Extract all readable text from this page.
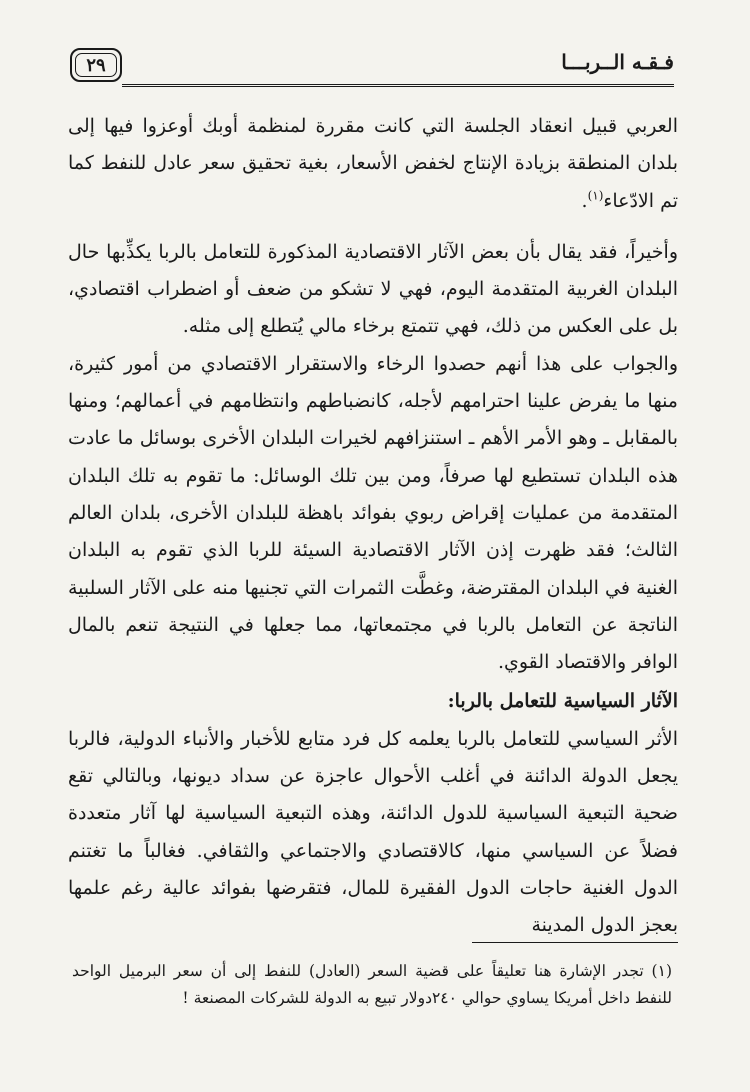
فـقـه الــربـــا
٢٩

العربي قبيل انعقاد الجلسة التي كانت مقررة لمنظمة أوبك أوعزوا فيها إلى بلدان المنطقة بزيادة الإنتاج لخفض الأسعار، بغية تحقيق سعر عادل للنفط كما تم الادّعاء$^{(١)}$.

وأخيراً، فقد يقال بأن بعض الآثار الاقتصادية المذكورة للتعامل بالربا يكذِّبها حال البلدان الغربية المتقدمة اليوم، فهي لا تشكو من ضعف أو اضطراب اقتصادي، بل على العكس من ذلك، فهي تتمتع برخاء مالي يُتطلع إلى مثله.

والجواب على هذا أنهم حصدوا الرخاء والاستقرار الاقتصادي من أمور كثيرة، منها ما يفرض علينا احترامهم لأجله، كانضباطهم وانتظامهم في أعمالهم؛ ومنها بالمقابل ـ وهو الأمر الأهم ـ استنزافهم لخيرات البلدان الأخرى بوسائل ما عادت هذه البلدان تستطيع لها صرفاً، ومن بين تلك الوسائل: ما تقوم به تلك البلدان المتقدمة من عمليات إقراض ربوي بفوائد باهظة للبلدان الأخرى، بلدان العالم الثالث؛ فقد ظهرت إذن الآثار الاقتصادية السيئة للربا الذي تقوم به البلدان الغنية في البلدان المقترضة، وغطَّت الثمرات التي تجنيها منه على الآثار السلبية الناتجة عن التعامل بالربا في مجتمعاتها، مما جعلها في النتيجة تنعم بالمال الوافر والاقتصاد القوي.

الآثار السياسية للتعامل بالربا:

الأثر السياسي للتعامل بالربا يعلمه كل فرد متابع للأخبار والأنباء الدولية، فالربا يجعل الدولة الدائنة في أغلب الأحوال عاجزة عن سداد ديونها، وبالتالي تقع ضحية التبعية السياسية للدول الدائنة، وهذه التبعية السياسية لها آثار متعددة فضلاً عن السياسي منها، كالاقتصادي والاجتماعي والثقافي. فغالباً ما تغتنم الدول الغنية حاجات الدول الفقيرة للمال، فتقرضها بفوائد عالية رغم علمها بعجز الدول المدينة

(١) تجدر الإشارة هنا تعليقاً على قضية السعر (العادل) للنفط إلى أن سعر البرميل الواحد للنفط داخل أمريكا يساوي حوالي ٢٤٠دولار تبيع به الدولة للشركات المصنعة !
